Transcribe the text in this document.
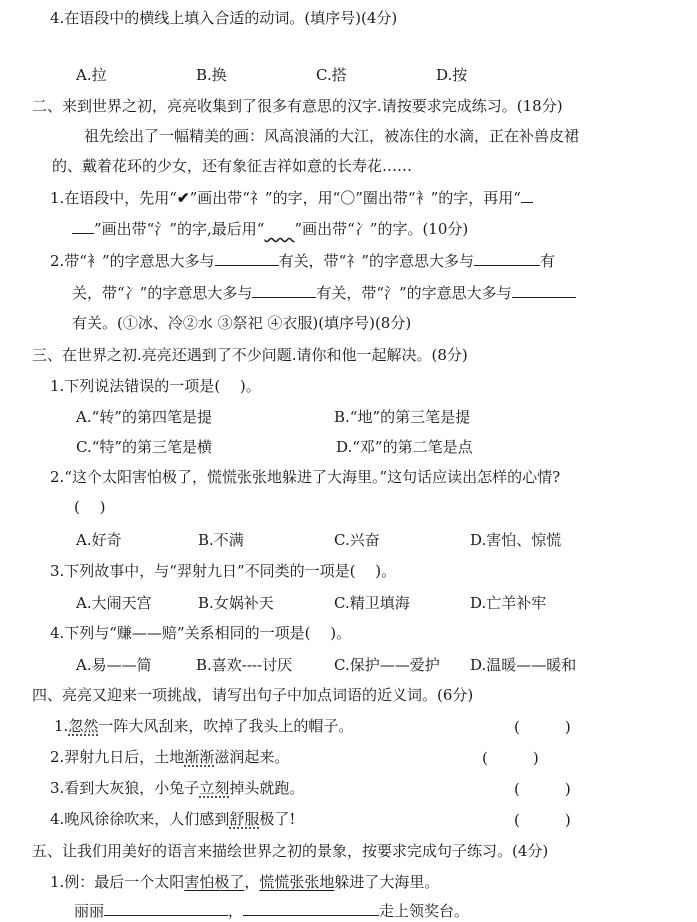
4.在语段中的横线上填入合适的动词。(填序号)(4分)
A.拉	B.换	C.搭	D.按
二、来到世界之初，亮亮收集到了很多有意思的汉字.请按要求完成练习。(18分)
祖先绘出了一幅精美的画：风高浪涌的大江，被冻住的水滴，正在补兽皮裙
的、戴着花环的少女，还有象征吉祥如意的长寿花……
1.在语段中，先用“✔”画出带“礻”的字，用“〇”圈出带“衤”的字，再用“
”画出带“氵”的字,最后用“   ”画出带“冫”的字。(10分)
2.带“衤”的字意思大多与	有关，带“礻”的字意思大多与	有
关，带“冫”的字意思大多与	有关，带“氵”的字意思大多与
有关。(①冰、冷②水 ③祭祀 ④衣服)(填序号)(8分)
三、在世界之初.亮亮还遇到了不少问题.请你和他一起解决。(8分)
1.下列说法错误的一项是(　 )。
A.“转”的第四笔是提	B.“地”的第三笔是提
C.“特”的第三笔是横	D.“邓”的第二笔是点
2.“这个太阳害怕极了，慌慌张张地躲进了大海里。”这句话应读出怎样的心情?
(　 )
A.好奇	B.不满	C.兴奋	D.害怕、惊慌
3.下列故事中，与“羿射九日”不同类的一项是(　 )。
A.大闹天宫	B.女娲补天	C.精卫填海	D.亡羊补牢
4.下列与“赚——赔”关系相同的一项是(　 )。
A.易——简	B.喜欢----讨厌	C.保护——爱护 D.温暖——暖和
四、亮亮又迎来一项挑战，请写出句子中加点词语的近义词。(6分)
1.忽然一阵大风刮来，吹掉了我头上的帽子。	(　　　)
2.羿射九日后，土地渐渐滋润起来。	(　　　)
3.看到大灰狼，小兔子立刻掉头就跑。	(　　　)
4.晚风徐徐吹来，人们感到舒服极了!	(　　　)
五、让我们用美好的语言来描绘世界之初的景象，按要求完成句子练习。(4分)
1.例：最后一个太阳害怕极了，慌慌张张地躲进了大海里。
丽丽	，	走上领奖台。
